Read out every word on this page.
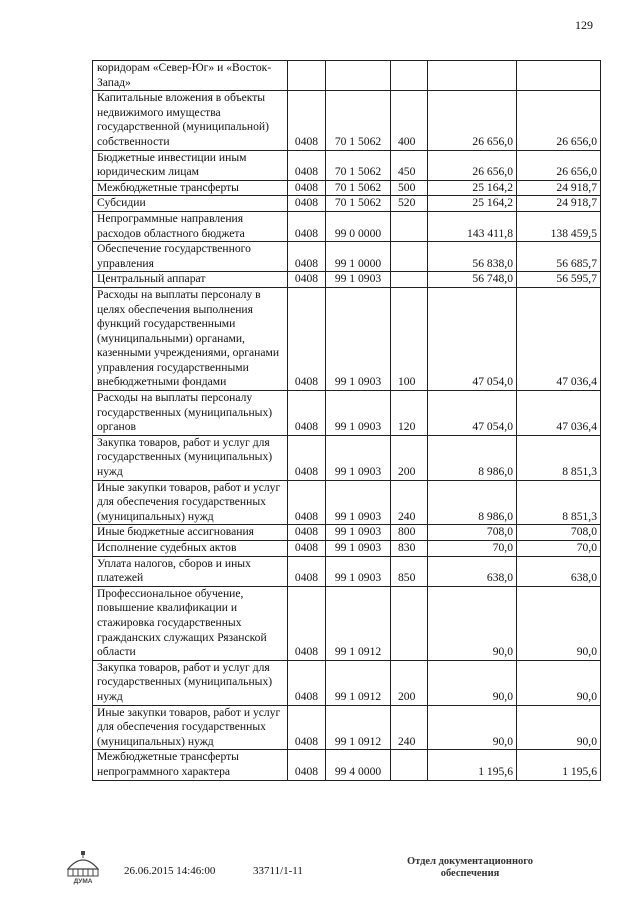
129
коридорам «Север-Юг» и «Восток-Запад»					
Капитальные вложения в объекты недвижимого имущества государственной (муниципальной) собственности	0408	70 1 5062	400	26 656,0	26 656,0
Бюджетные инвестиции иным юридическим лицам	0408	70 1 5062	450	26 656,0	26 656,0
Межбюджетные трансферты	0408	70 1 5062	500	25 164,2	24 918,7
Субсидии	0408	70 1 5062	520	25 164,2	24 918,7
Непрограммные направления расходов областного бюджета	0408	99 0 0000		143 411,8	138 459,5
Обеспечение государственного управления	0408	99 1 0000		56 838,0	56 685,7
Центральный аппарат	0408	99 1 0903		56 748,0	56 595,7
Расходы на выплаты персоналу в целях обеспечения выполнения функций государственными (муниципальными) органами, казенными учреждениями, органами управления государственными внебюджетными фондами	0408	99 1 0903	100	47 054,0	47 036,4
Расходы на выплаты персоналу государственных (муниципальных) органов	0408	99 1 0903	120	47 054,0	47 036,4
Закупка товаров, работ и услуг для государственных (муниципальных) нужд	0408	99 1 0903	200	8 986,0	8 851,3
Иные закупки товаров, работ и услуг для обеспечения государственных (муниципальных) нужд	0408	99 1 0903	240	8 986,0	8 851,3
Иные бюджетные ассигнования	0408	99 1 0903	800	708,0	708,0
Исполнение судебных актов	0408	99 1 0903	830	70,0	70,0
Уплата налогов, сборов и иных платежей	0408	99 1 0903	850	638,0	638,0
Профессиональное обучение, повышение квалификации и стажировка государственных гражданских служащих Рязанской области	0408	99 1 0912		90,0	90,0
Закупка товаров, работ и услуг для государственных (муниципальных) нужд	0408	99 1 0912	200	90,0	90,0
Иные закупки товаров, работ и услуг для обеспечения государственных (муниципальных) нужд	0408	99 1 0912	240	90,0	90,0
Межбюджетные трансферты непрограммного характера	0408	99 4 0000		1 195,6	1 195,6
ДУМА
26.06.2015 14:46:00	33711/1-11
Отдел документационного
обеспечения
